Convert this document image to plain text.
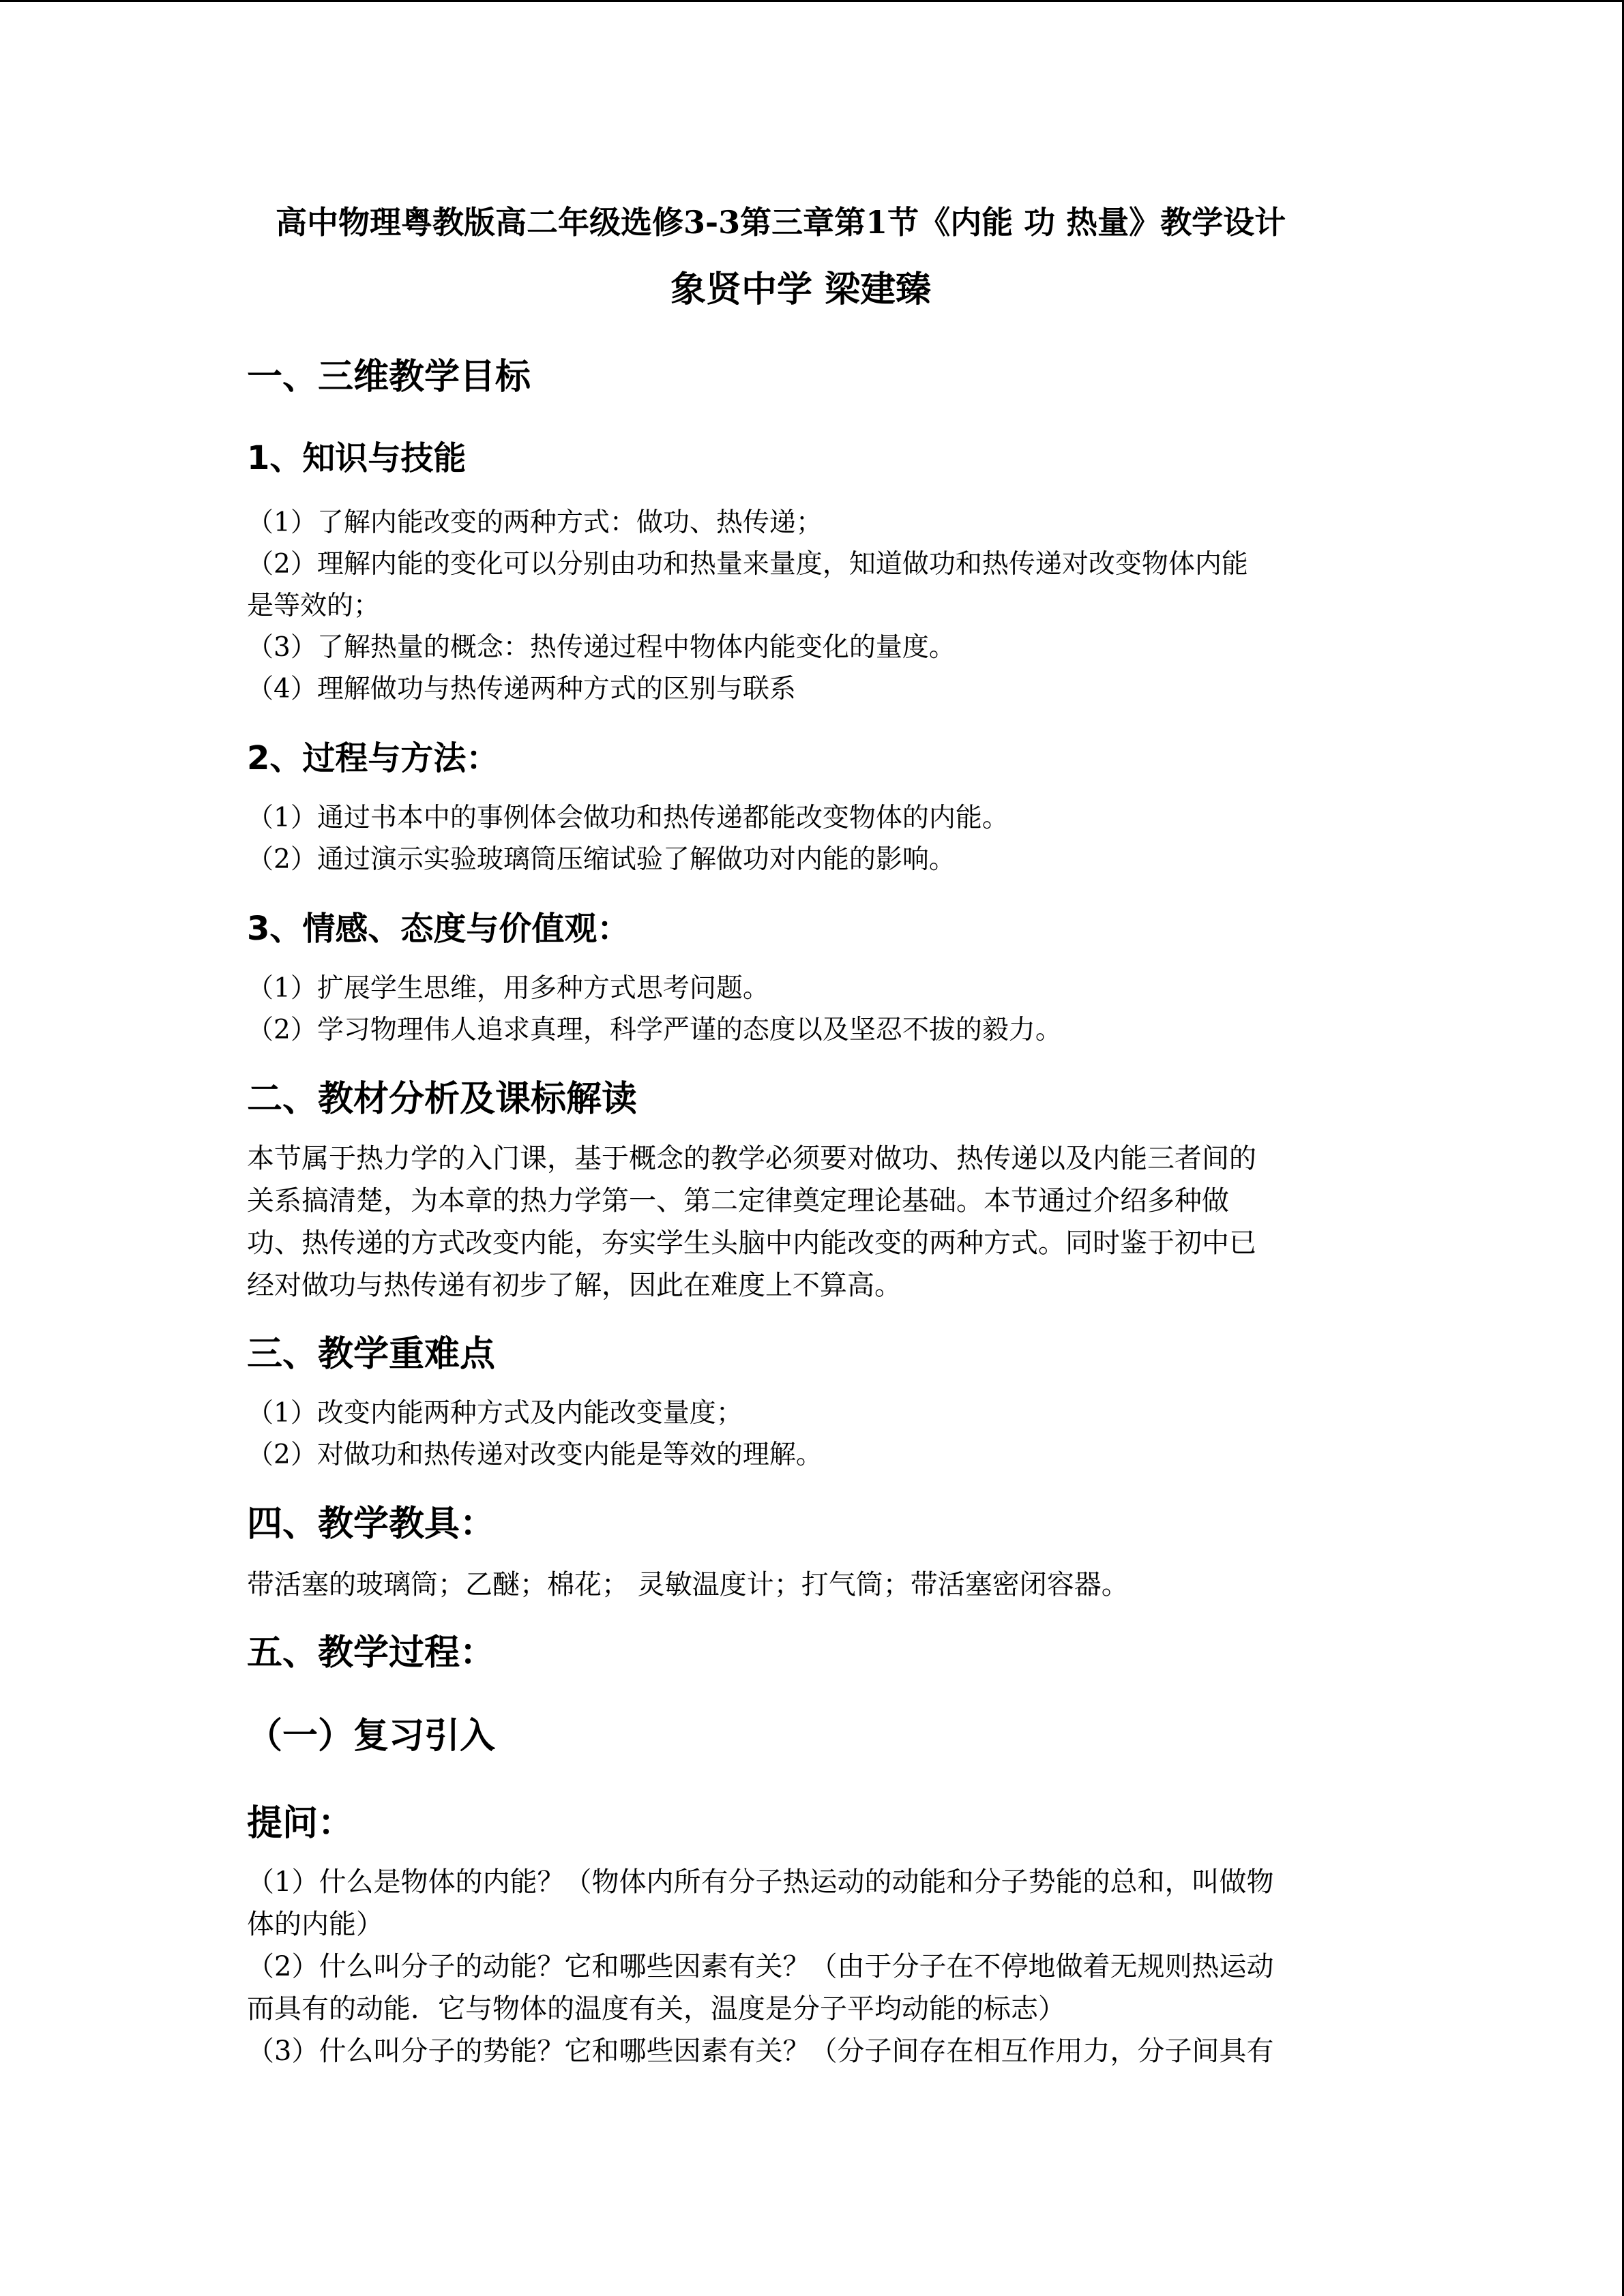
高中物理粤教版高二年级选修3-3第三章第1节《内能 功 热量》教学设计
象贤中学 梁建臻
一、三维教学目标
1、知识与技能
（1）了解内能改变的两种方式：做功、热传递；
（2）理解内能的变化可以分别由功和热量来量度，知道做功和热传递对改变物体内能
是等效的；
（3）了解热量的概念：热传递过程中物体内能变化的量度。
（4）理解做功与热传递两种方式的区别与联系
2、过程与方法：
（1）通过书本中的事例体会做功和热传递都能改变物体的内能。
（2）通过演示实验玻璃筒压缩试验了解做功对内能的影响。
3、情感、态度与价值观：
（1）扩展学生思维，用多种方式思考问题。
（2）学习物理伟人追求真理，科学严谨的态度以及坚忍不拔的毅力。
二、教材分析及课标解读
本节属于热力学的入门课，基于概念的教学必须要对做功、热传递以及内能三者间的
关系搞清楚，为本章的热力学第一、第二定律奠定理论基础。本节通过介绍多种做
功、热传递的方式改变内能，夯实学生头脑中内能改变的两种方式。同时鉴于初中已
经对做功与热传递有初步了解，因此在难度上不算高。
三、教学重难点
（1）改变内能两种方式及内能改变量度；
（2）对做功和热传递对改变内能是等效的理解。
四、教学教具：
带活塞的玻璃筒；乙醚；棉花； 灵敏温度计；打气筒；带活塞密闭容器。
五、教学过程：
（一）复习引入
提问：
（1）什么是物体的内能？（物体内所有分子热运动的动能和分子势能的总和，叫做物
体的内能）
（2）什么叫分子的动能？它和哪些因素有关？（由于分子在不停地做着无规则热运动
而具有的动能．它与物体的温度有关，温度是分子平均动能的标志）
（3）什么叫分子的势能？它和哪些因素有关？（分子间存在相互作用力，分子间具有
